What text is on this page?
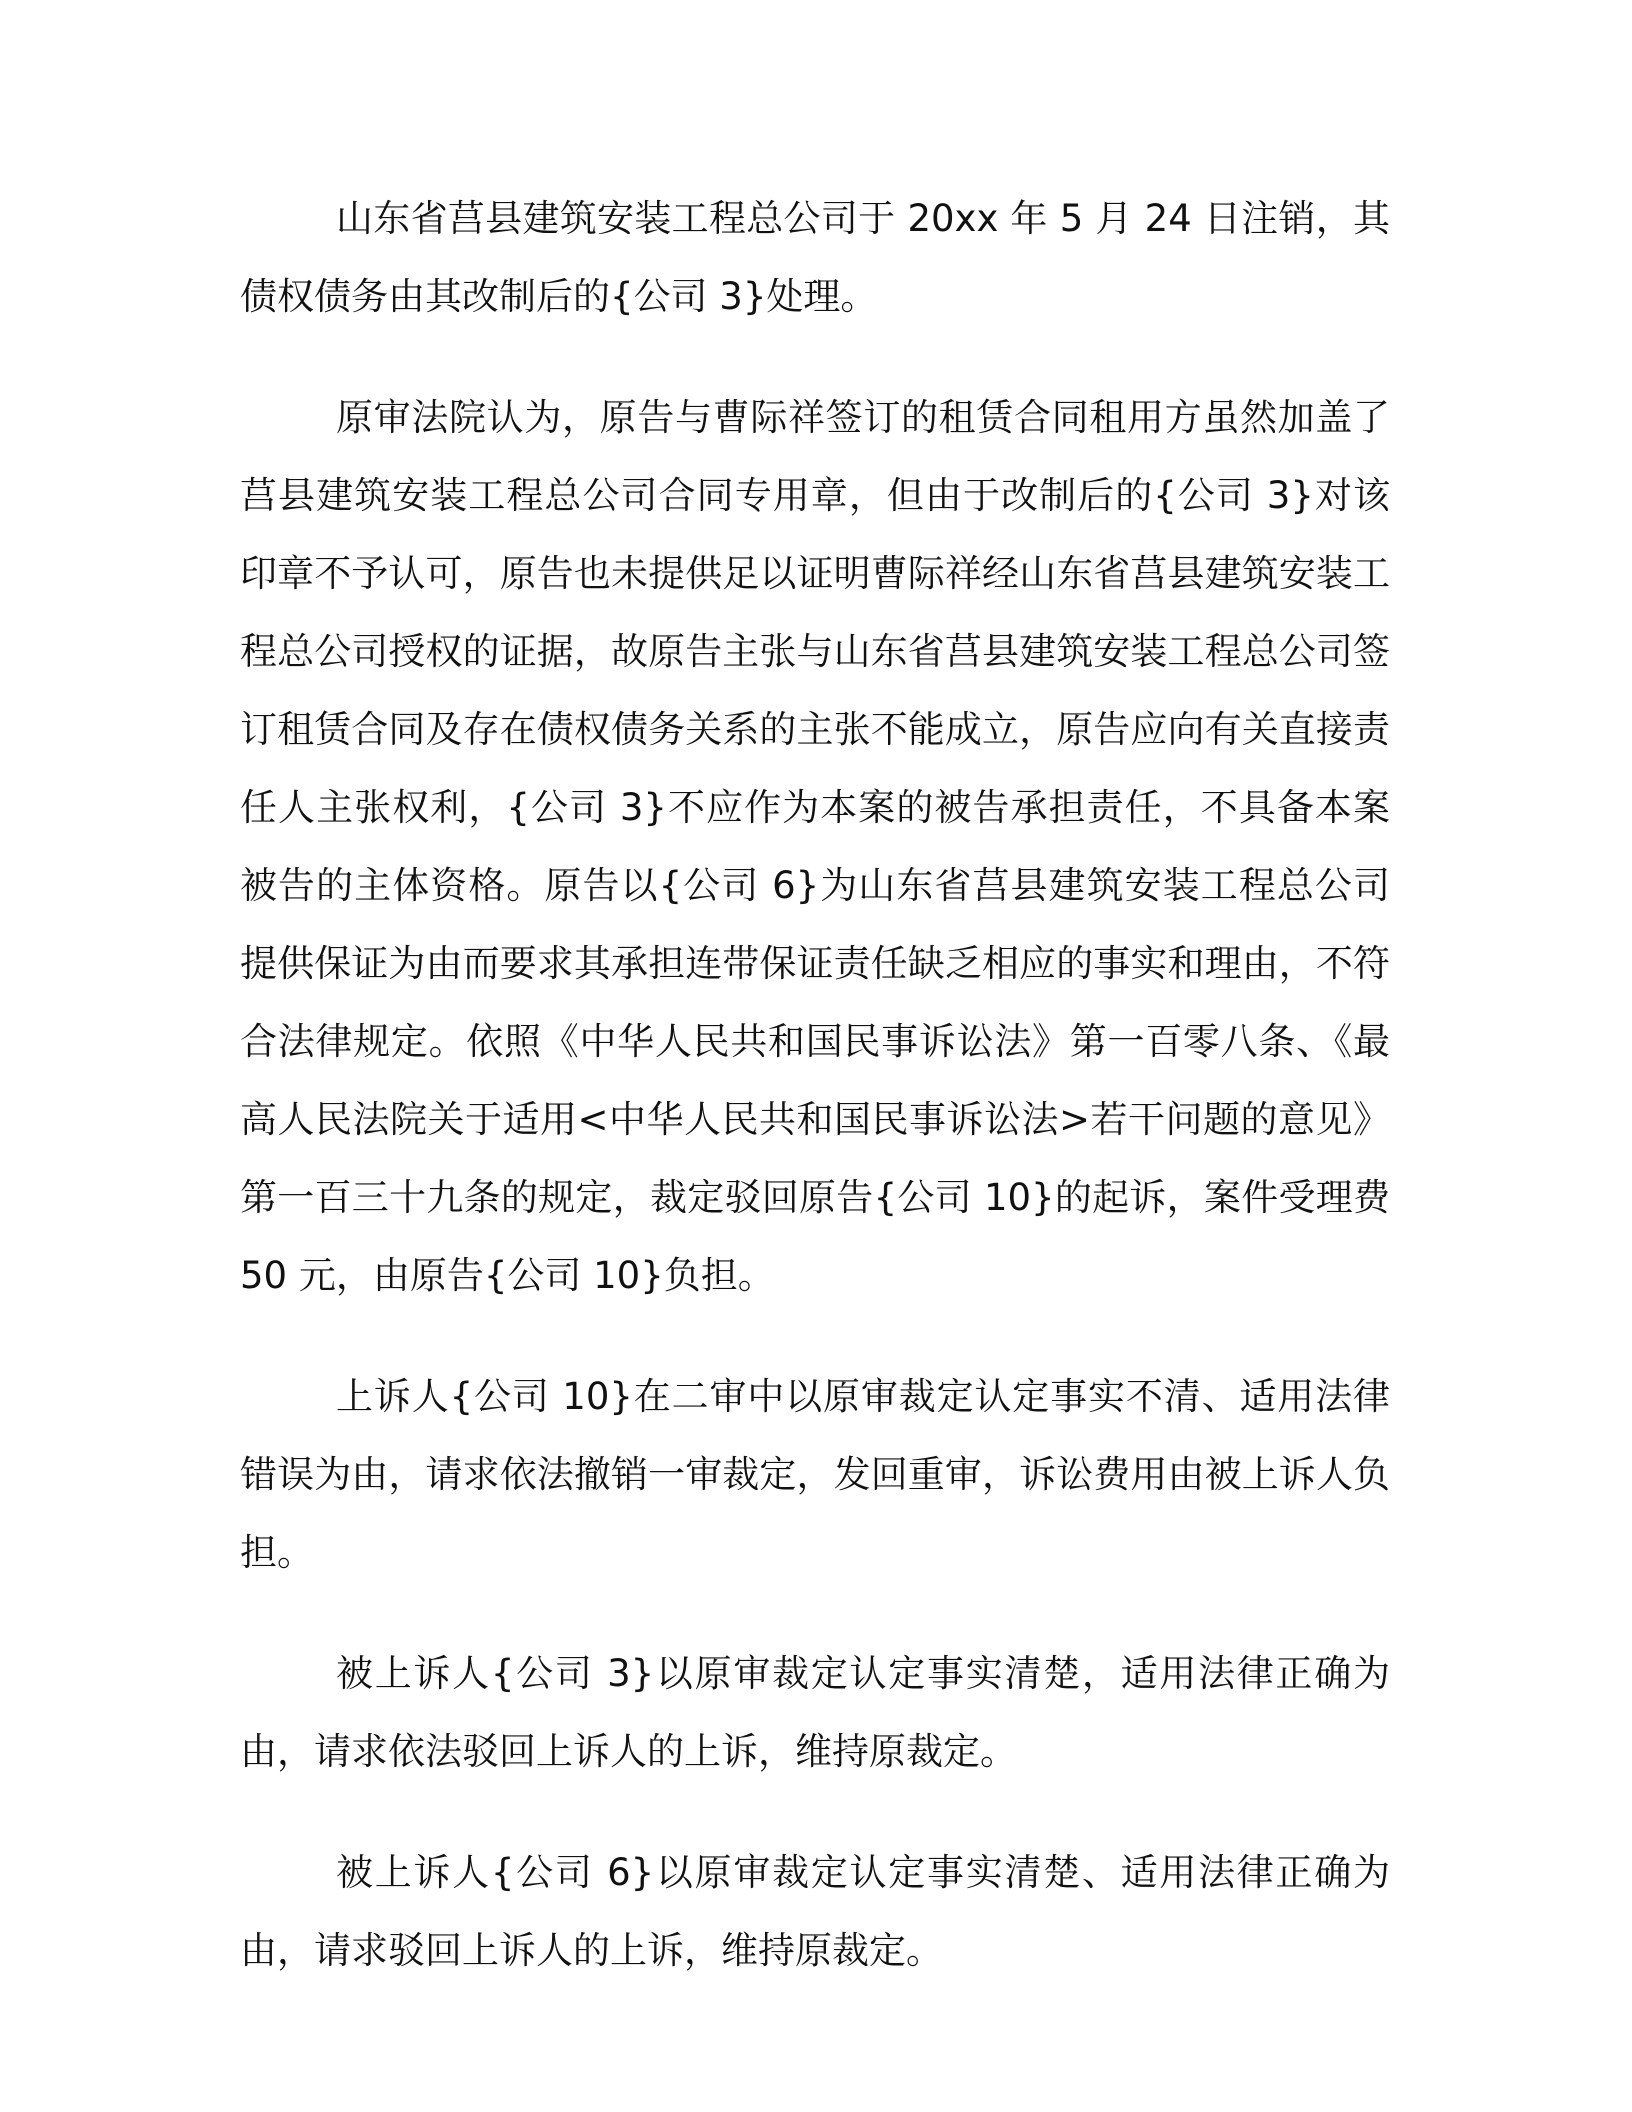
山东省莒县建筑安装工程总公司于 20xx 年 5 月 24 日注销，其债权债务由其改制后的{公司 3}处理。

原审法院认为，原告与曹际祥签订的租赁合同租用方虽然加盖了莒县建筑安装工程总公司合同专用章，但由于改制后的{公司 3}对该印章不予认可，原告也未提供足以证明曹际祥经山东省莒县建筑安装工程总公司授权的证据，故原告主张与山东省莒县建筑安装工程总公司签订租赁合同及存在债权债务关系的主张不能成立，原告应向有关直接责任人主张权利，{公司 3}不应作为本案的被告承担责任，不具备本案被告的主体资格。原告以{公司 6}为山东省莒县建筑安装工程总公司提供保证为由而要求其承担连带保证责任缺乏相应的事实和理由，不符合法律规定。依照《中华人民共和国民事诉讼法》第一百零八条、《最高人民法院关于适用<中华人民共和国民事诉讼法>若干问题的意见》第一百三十九条的规定，裁定驳回原告{公司 10}的起诉，案件受理费 50 元，由原告{公司 10}负担。

上诉人{公司 10}在二审中以原审裁定认定事实不清、适用法律错误为由，请求依法撤销一审裁定，发回重审，诉讼费用由被上诉人负担。

被上诉人{公司 3}以原审裁定认定事实清楚，适用法律正确为由，请求依法驳回上诉人的上诉，维持原裁定。

被上诉人{公司 6}以原审裁定认定事实清楚、适用法律正确为由，请求驳回上诉人的上诉，维持原裁定。
